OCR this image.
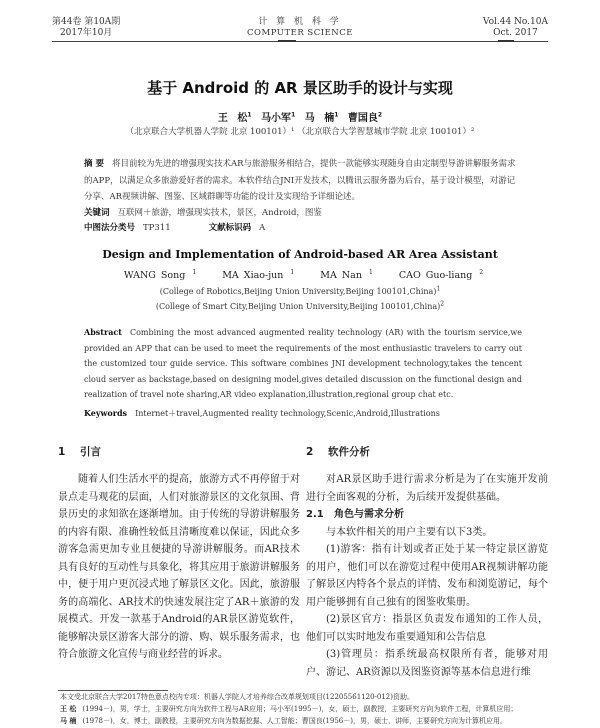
第44卷 第10A期
2017年10月
计 算 机 科 学
COMPUTER SCIENCE
Vol.44 No.10A
Oct. 2017
基于 Android 的 AR 景区助手的设计与实现
王 松$^1$ 马小军$^1$ 马 楠$^1$ 曹国良$^2$
（北京联合大学机器人学院 北京 100101）¹ （北京联合大学智慧城市学院 北京 100101）²
摘 要 将目前较为先进的增强现实技术AR与旅游服务相结合，提供一款能够实现随身自由定制型导游讲解服务需求的APP，以满足众多旅游爱好者的需求。本软件结合JNI开发技术，以腾讯云服务器为后台，基于设计模型，对游记分享、AR视频讲解、图鉴、区域群聊等功能的设计及实现给予详细论述。
关键词 互联网＋旅游，增强现实技术，景区，Android，图鉴
中图法分类号 TP311	文献标识码 A
Design and Implementation of Android-based AR Area Assistant
WANG Song $^1$	MA Xiao-jun $^1$	MA Nan $^1$	CAO Guo-liang $^2$
(College of Robotics,Beijing Union University,Beijing 100101,China)$^1$
(College of Smart City,Beijing Union University,Beijing 100101,China)$^2$
Abstract Combining the most advanced augmented reality technology (AR) with the tourism service,we provided an APP that can be used to meet the requirements of the most enthusiastic travelers to carry out the customized tour guide service. This software combines JNI development technology,takes the tencent cloud server as backstage,based on designing model,gives detailed discussion on the functional design and realization of travel note sharing,AR video explanation,illustration,regional group chat etc.
Keywords Internet＋travel,Augmented reality technology,Scenic,Android,Illustrations
1 引言
随着人们生活水平的提高，旅游方式不再停留于对景点走马观花的层面，人们对旅游景区的文化氛围、背景历史的求知欲在逐渐增加。由于传统的导游讲解服务的内容有限、准确性较低且清晰度难以保证，因此众多游客急需更加专业且便捷的导游讲解服务。而AR技术具有良好的互动性与具象化，将其应用于旅游讲解服务中，便于用户更沉浸式地了解景区文化。因此，旅游服务的高端化、AR技术的快速发展注定了AR＋旅游的发展模式。开发一款基于Android的AR景区游览软件，能够解决景区游客大部分的游、购、娱乐服务需求，也符合旅游文化宣传与商业经营的诉求。
2 软件分析
对AR景区助手进行需求分析是为了在实施开发前进行全面客观的分析，为后续开发提供基础。
2.1 角色与需求分析
与本软件相关的用户主要有以下3类。
(1)游客：指有计划或者正处于某一特定景区游览的用户，他们可以在游览过程中使用AR视频讲解功能了解景区内特各个景点的详情、发布和浏览游记，每个用户能够拥有自己独有的图鉴收集册。
(2)景区官方：指景区负责发布通知的工作人员，他们可以实时地发布重要通知和公告信息
(3)管理员：指系统最高权限所有者，能够对用户、游记、AR资源以及图鉴资源等基本信息进行维
本文受北京联合大学2017特色意点校内专项：机器人学院人才培养综合改革规划项目(12205561120-012)资助。
王 松 (1994－)，男，学士，主要研究方向为软件工程与AR应用；马小军(1995－)，女，硕士，副教授，主要研究方向为软件工程，计算机应用；
马 楠 (1978－)，女，博士，副教授，主要研究方向为数据挖掘、人工智能；曹国良(1956－)，男，硕士，讲师，主要研究方向为计算机应用。
